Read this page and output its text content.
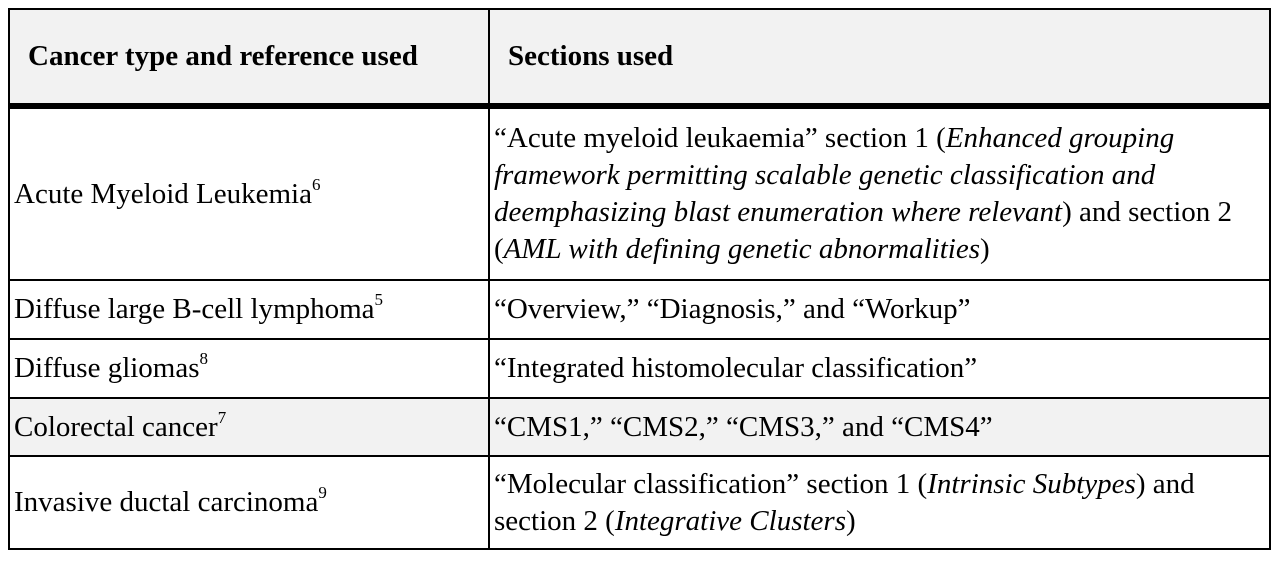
Cancer type and reference used	Sections used
Acute Myeloid Leukemia$^6$	“Acute myeloid leukaemia” section 1 (Enhanced grouping framework permitting scalable genetic classification and deemphasizing blast enumeration where relevant) and section 2 (AML with defining genetic abnormalities)
Diffuse large B-cell lymphoma$^5$	“Overview,” “Diagnosis,” and “Workup”
Diffuse gliomas$^8$	“Integrated histomolecular classification”
Colorectal cancer$^7$	“CMS1,” “CMS2,” “CMS3,” and “CMS4”
Invasive ductal carcinoma$^9$	“Molecular classification” section 1 (Intrinsic Subtypes) and section 2 (Integrative Clusters)
